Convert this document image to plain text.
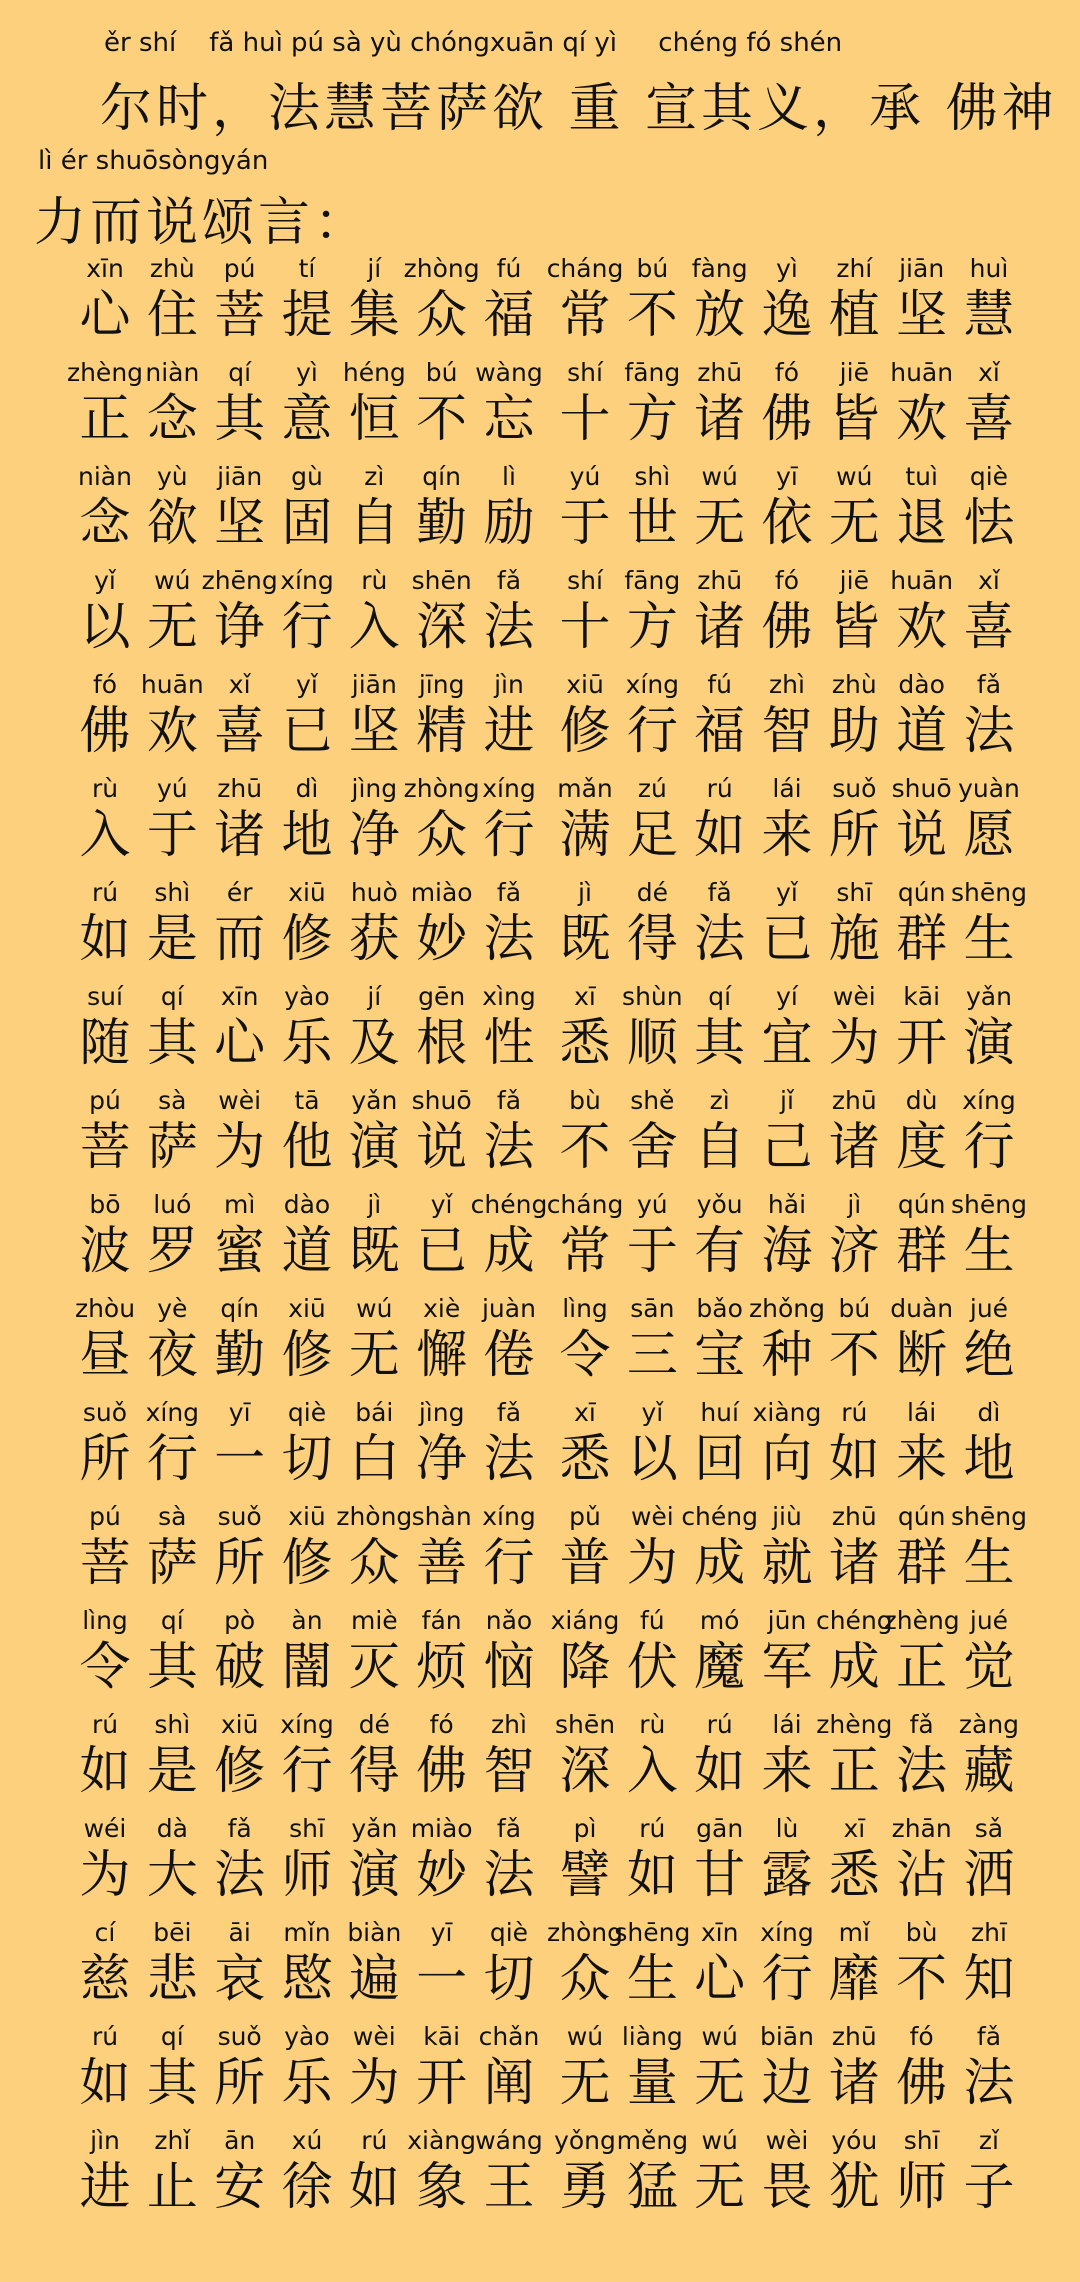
ěr shí    fǎ huì pú sà yù chóngxuān qí yì     chéng fó shén
尔时，法慧菩萨欲 重 宣其义，承 佛神
lì ér shuōsòngyán
力而说颂言：
xīn
心
zhù
住
pú
菩
tí
提
jí
集
zhòng
众
fú
福
cháng
常
bú
不
fàng
放
yì
逸
zhí
植
jiān
坚
huì
慧
zhèng
正
niàn
念
qí
其
yì
意
héng
恒
bú
不
wàng
忘
shí
十
fāng
方
zhū
诸
fó
佛
jiē
皆
huān
欢
xǐ
喜
niàn
念
yù
欲
jiān
坚
gù
固
zì
自
qín
勤
lì
励
yú
于
shì
世
wú
无
yī
依
wú
无
tuì
退
qiè
怯
yǐ
以
wú
无
zhēng
诤
xíng
行
rù
入
shēn
深
fǎ
法
shí
十
fāng
方
zhū
诸
fó
佛
jiē
皆
huān
欢
xǐ
喜
fó
佛
huān
欢
xǐ
喜
yǐ
已
jiān
坚
jīng
精
jìn
进
xiū
修
xíng
行
fú
福
zhì
智
zhù
助
dào
道
fǎ
法
rù
入
yú
于
zhū
诸
dì
地
jìng
净
zhòng
众
xíng
行
mǎn
满
zú
足
rú
如
lái
来
suǒ
所
shuō
说
yuàn
愿
rú
如
shì
是
ér
而
xiū
修
huò
获
miào
妙
fǎ
法
jì
既
dé
得
fǎ
法
yǐ
已
shī
施
qún
群
shēng
生
suí
随
qí
其
xīn
心
yào
乐
jí
及
gēn
根
xìng
性
xī
悉
shùn
顺
qí
其
yí
宜
wèi
为
kāi
开
yǎn
演
pú
菩
sà
萨
wèi
为
tā
他
yǎn
演
shuō
说
fǎ
法
bù
不
shě
舍
zì
自
jǐ
己
zhū
诸
dù
度
xíng
行
bō
波
luó
罗
mì
蜜
dào
道
jì
既
yǐ
已
chéng
成
cháng
常
yú
于
yǒu
有
hǎi
海
jì
济
qún
群
shēng
生
zhòu
昼
yè
夜
qín
勤
xiū
修
wú
无
xiè
懈
juàn
倦
lìng
令
sān
三
bǎo
宝
zhǒng
种
bú
不
duàn
断
jué
绝
suǒ
所
xíng
行
yī
一
qiè
切
bái
白
jìng
净
fǎ
法
xī
悉
yǐ
以
huí
回
xiàng
向
rú
如
lái
来
dì
地
pú
菩
sà
萨
suǒ
所
xiū
修
zhòng
众
shàn
善
xíng
行
pǔ
普
wèi
为
chéng
成
jiù
就
zhū
诸
qún
群
shēng
生
lìng
令
qí
其
pò
破
àn
闇
miè
灭
fán
烦
nǎo
恼
xiáng
降
fú
伏
mó
魔
jūn
军
chéng
成
zhèng
正
jué
觉
rú
如
shì
是
xiū
修
xíng
行
dé
得
fó
佛
zhì
智
shēn
深
rù
入
rú
如
lái
来
zhèng
正
fǎ
法
zàng
藏
wéi
为
dà
大
fǎ
法
shī
师
yǎn
演
miào
妙
fǎ
法
pì
譬
rú
如
gān
甘
lù
露
xī
悉
zhān
沾
sǎ
洒
cí
慈
bēi
悲
āi
哀
mǐn
愍
biàn
遍
yī
一
qiè
切
zhòng
众
shēng
生
xīn
心
xíng
行
mǐ
靡
bù
不
zhī
知
rú
如
qí
其
suǒ
所
yào
乐
wèi
为
kāi
开
chǎn
阐
wú
无
liàng
量
wú
无
biān
边
zhū
诸
fó
佛
fǎ
法
jìn
进
zhǐ
止
ān
安
xú
徐
rú
如
xiàng
象
wáng
王
yǒng
勇
měng
猛
wú
无
wèi
畏
yóu
犹
shī
师
zǐ
子
